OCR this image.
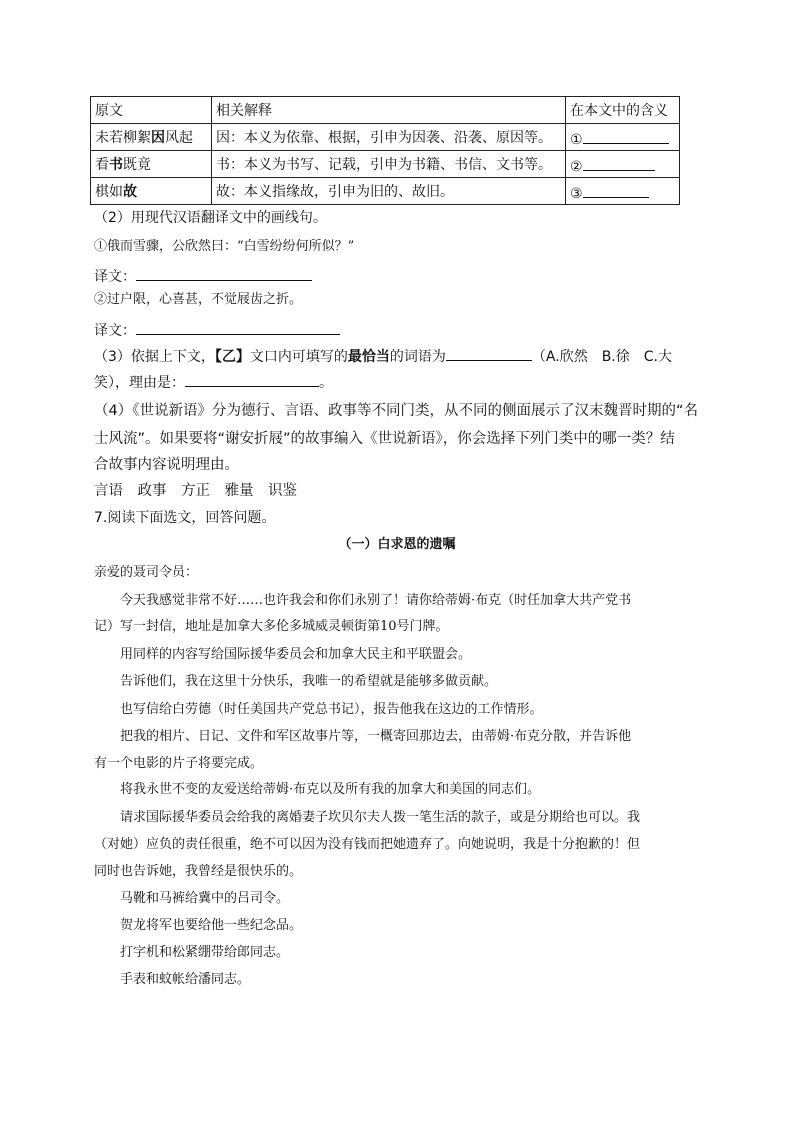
原文	相关解释	在本文中的含义
未若柳絮因风起	因：本义为依靠、根据，引申为因袭、沿袭、原因等。	①
看书既竟	书：本义为书写、记载，引申为书籍、书信、文书等。	②
棋如故	故：本义指缘故，引申为旧的、故旧。	③
（2）用现代汉语翻译文中的画线句。
①俄而雪骤，公欣然曰：“白雪纷纷何所似？”
译文：
②过户限，心喜甚，不觉屐齿之折。
译文：
（3）依据上下文，【乙】文口内可填写的最恰当的词语为	（A.欣然　B.徐　C.大
笑），理由是：	。
（4）《世说新语》分为德行、言语、政事等不同门类，从不同的侧面展示了汉末魏晋时期的“名
士风流”。如果要将“谢安折屐”的故事编入《世说新语》，你会选择下列门类中的哪一类？结
合故事内容说明理由。
言语　政事　方正　雅量　识鉴
7.阅读下面选文，回答问题。
（一）白求恩的遗嘱
亲爱的聂司令员：
今天我感觉非常不好……也许我会和你们永别了！请你给蒂姆·布克（时任加拿大共产党书
记）写一封信，地址是加拿大多伦多城威灵顿街第10号门牌。
用同样的内容写给国际援华委员会和加拿大民主和平联盟会。
告诉他们，我在这里十分快乐，我唯一的希望就是能够多做贡献。
也写信给白劳德（时任美国共产党总书记），报告他我在这边的工作情形。
把我的相片、日记、文件和军区故事片等，一概寄回那边去，由蒂姆·布克分散，并告诉他
有一个电影的片子将要完成。
将我永世不变的友爱送给蒂姆·布克以及所有我的加拿大和美国的同志们。
请求国际援华委员会给我的离婚妻子坎贝尔夫人拨一笔生活的款子，或是分期给也可以。我
（对她）应负的责任很重，绝不可以因为没有钱而把她遗弃了。向她说明，我是十分抱歉的！但
同时也告诉她，我曾经是很快乐的。
马靴和马裤给冀中的吕司令。
贺龙将军也要给他一些纪念品。
打字机和松紧绷带给郎同志。
手表和蚊帐给潘同志。
